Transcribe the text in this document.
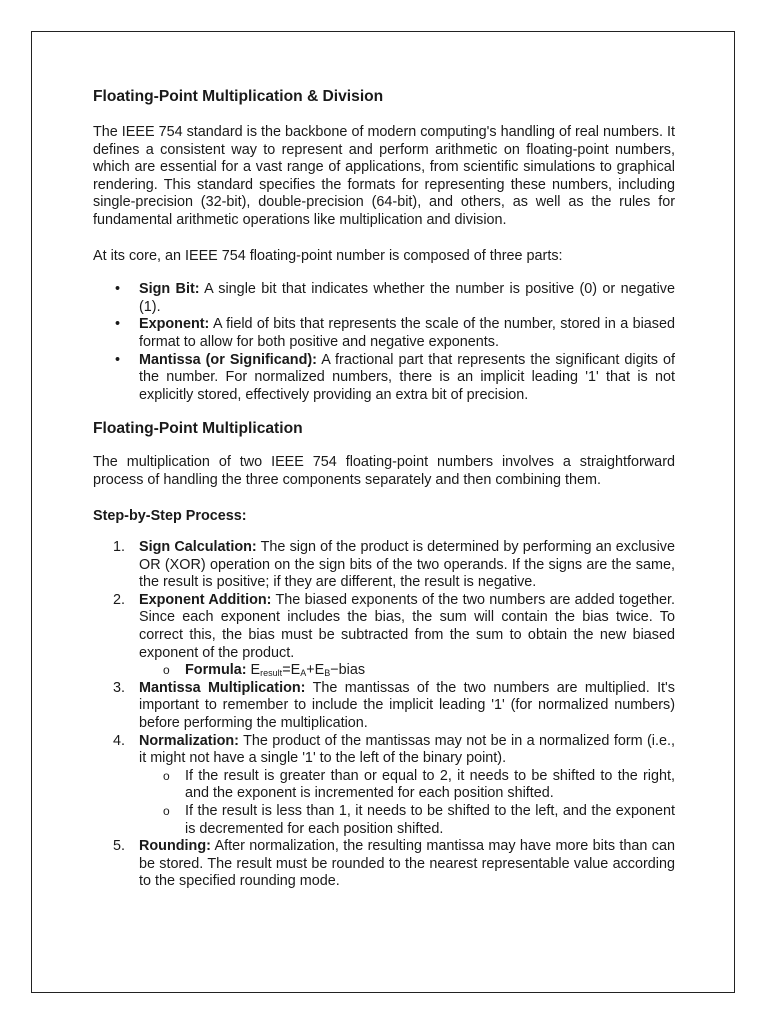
Floating-Point Multiplication & Division

The IEEE 754 standard is the backbone of modern computing's handling of real numbers. It defines a consistent way to represent and perform arithmetic on floating-point numbers, which are essential for a vast range of applications, from scientific simulations to graphical rendering. This standard specifies the formats for representing these numbers, including single-precision (32-bit), double-precision (64-bit), and others, as well as the rules for fundamental arithmetic operations like multiplication and division.

At its core, an IEEE 754 floating-point number is composed of three parts:

• Sign Bit: A single bit that indicates whether the number is positive (0) or negative (1).
• Exponent: A field of bits that represents the scale of the number, stored in a biased format to allow for both positive and negative exponents.
• Mantissa (or Significand): A fractional part that represents the significant digits of the number. For normalized numbers, there is an implicit leading '1' that is not explicitly stored, effectively providing an extra bit of precision.
Floating-Point Multiplication

The multiplication of two IEEE 754 floating-point numbers involves a straightforward process of handling the three components separately and then combining them.

Step-by-Step Process:

1. Sign Calculation: The sign of the product is determined by performing an exclusive OR (XOR) operation on the sign bits of the two operands. If the signs are the same, the result is positive; if they are different, the result is negative.
2. Exponent Addition: The biased exponents of the two numbers are added together. Since each exponent includes the bias, the sum will contain the bias twice. To correct this, the bias must be subtracted from the sum to obtain the new biased exponent of the product.
o Formula: $E_{result}=E_A+E_B-bias$
3. Mantissa Multiplication: The mantissas of the two numbers are multiplied. It's important to remember to include the implicit leading '1' (for normalized numbers) before performing the multiplication.
4. Normalization: The product of the mantissas may not be in a normalized form (i.e., it might not have a single '1' to the left of the binary point).
o If the result is greater than or equal to 2, it needs to be shifted to the right, and the exponent is incremented for each position shifted.
o If the result is less than 1, it needs to be shifted to the left, and the exponent is decremented for each position shifted.
5. Rounding: After normalization, the resulting mantissa may have more bits than can be stored. The result must be rounded to the nearest representable value according to the specified rounding mode.
